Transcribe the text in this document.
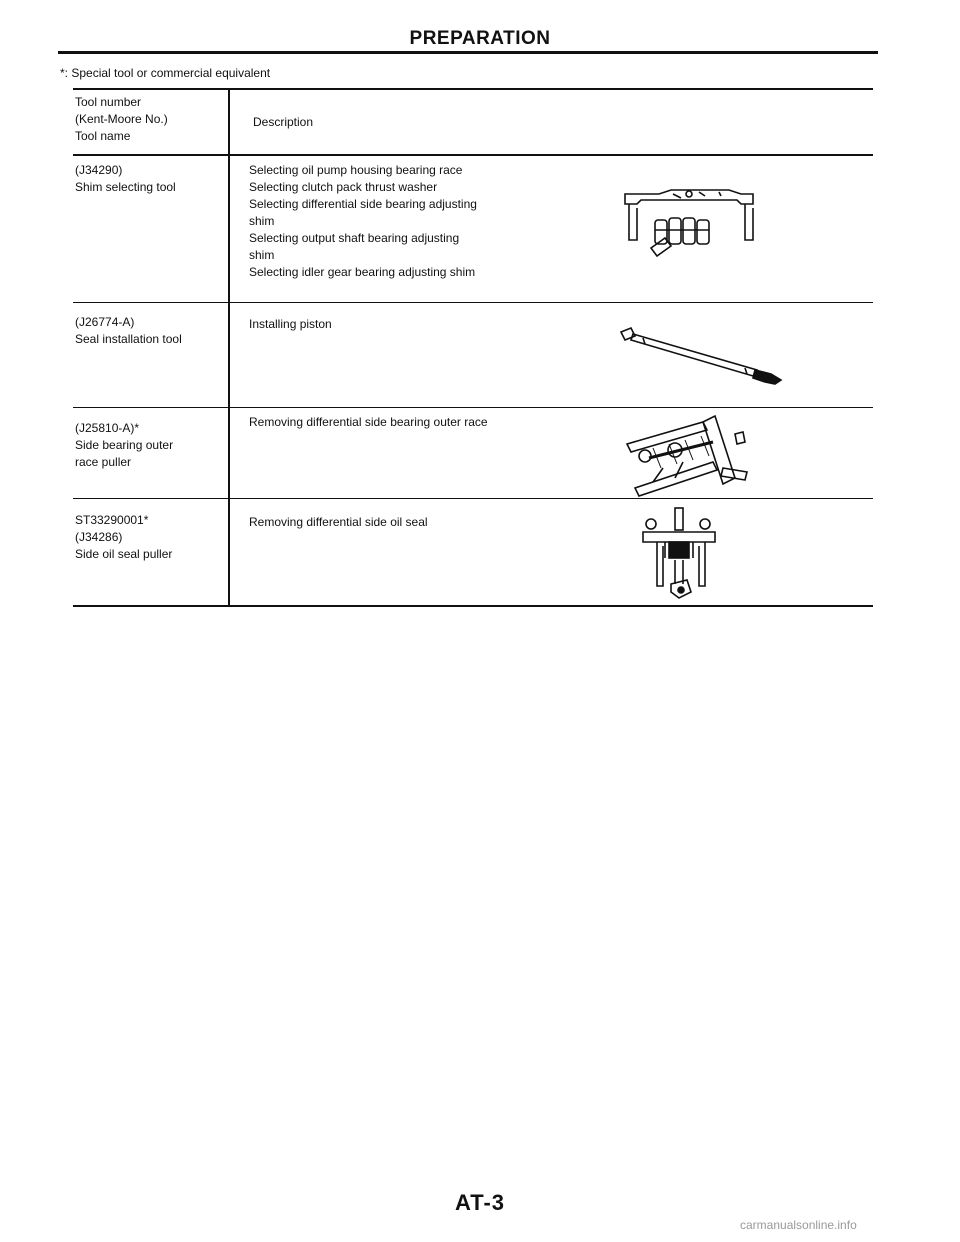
PREPARATION
*: Special tool or commercial equivalent
Tool number
(Kent-Moore No.)
Tool name
Description
(J34290)
Shim selecting tool
Selecting oil pump housing bearing race
Selecting clutch pack thrust washer
Selecting differential side bearing adjusting
shim
Selecting output shaft bearing adjusting
shim
Selecting idler gear bearing adjusting shim
(J26774-A)
Seal installation tool
Installing piston
(J25810-A)*
Side bearing outer
race puller
Removing differential side bearing outer race
ST33290001*
(J34286)
Side oil seal puller
Removing differential side oil seal
AT-3
carmanualsonline.info
